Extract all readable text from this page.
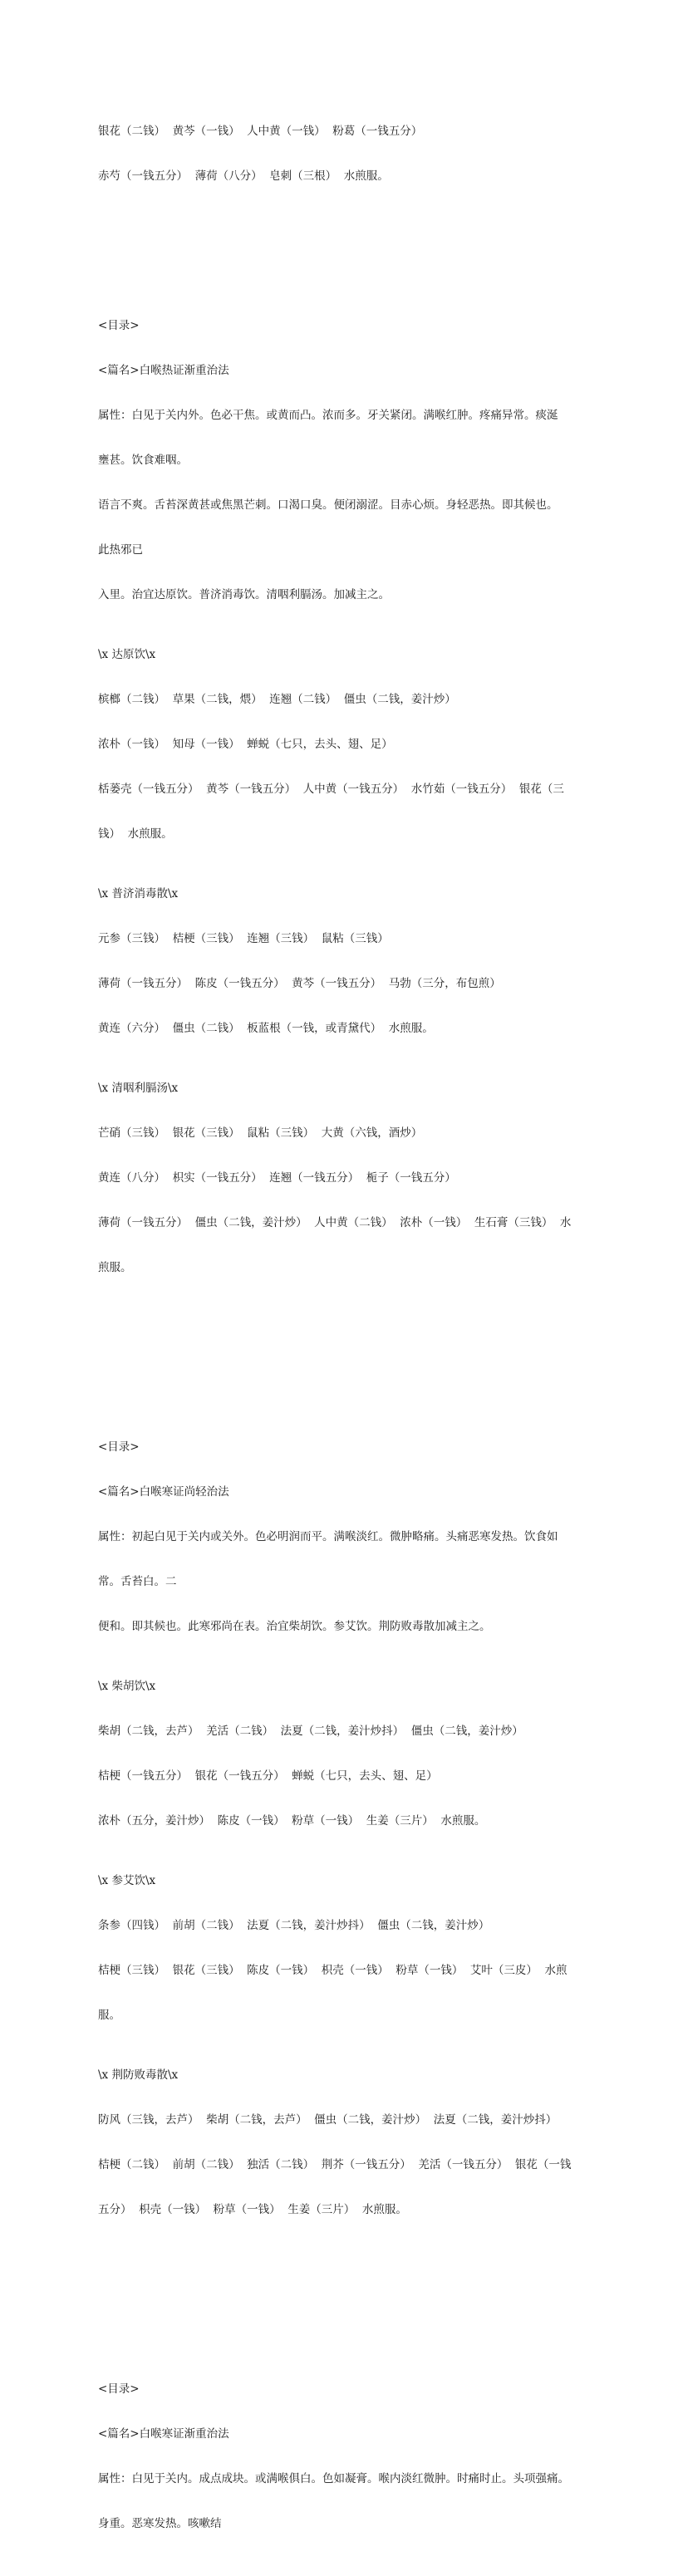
银花（二钱）  黄芩（一钱）  人中黄（一钱）  粉葛（一钱五分）

赤芍（一钱五分）  薄荷（八分）  皂刺（三根）  水煎服。

<目录>

<篇名>白喉热证渐重治法

属性：白见于关内外。色必干焦。或黄而凸。浓而多。牙关紧闭。满喉红肿。疼痛异常。痰涎

壅甚。饮食难咽。

语言不爽。舌苔深黄甚或焦黑芒刺。口渴口臭。便闭溺涩。目赤心烦。身轻恶热。即其候也。

此热邪已

入里。治宜达原饮。普济消毒饮。清咽利膈汤。加减主之。

\x 达原饮\x

槟榔（二钱）  草果（二钱，煨）  连翘（二钱）  僵虫（二钱，姜汁炒）

浓朴（一钱）  知母（一钱）  蝉蜕（七只，去头、翅、足）

栝蒌壳（一钱五分）  黄芩（一钱五分）  人中黄（一钱五分）  水竹茹（一钱五分）  银花（三

钱）  水煎服。

\x 普济消毒散\x

元参（三钱）  桔梗（三钱）  连翘（三钱）  鼠粘（三钱）

薄荷（一钱五分）  陈皮（一钱五分）  黄芩（一钱五分）  马勃（三分，布包煎）

黄连（六分）  僵虫（二钱）  板蓝根（一钱，或青黛代）  水煎服。

\x 清咽利膈汤\x

芒硝（三钱）  银花（三钱）  鼠粘（三钱）  大黄（六钱，酒炒）

黄连（八分）  枳实（一钱五分）  连翘（一钱五分）  栀子（一钱五分）

薄荷（一钱五分）  僵虫（二钱，姜汁炒）  人中黄（二钱）  浓朴（一钱）  生石膏（三钱）  水

煎服。

<目录>

<篇名>白喉寒证尚轻治法

属性：初起白见于关内或关外。色必明润而平。满喉淡红。微肿略痛。头痛恶寒发热。饮食如

常。舌苔白。二

便和。即其候也。此寒邪尚在表。治宜柴胡饮。参艾饮。荆防败毒散加减主之。

\x 柴胡饮\x

柴胡（二钱，去芦）  羌活（二钱）  法夏（二钱，姜汁炒抖）  僵虫（二钱，姜汁炒）

桔梗（一钱五分）  银花（一钱五分）  蝉蜕（七只，去头、翅、足）

浓朴（五分，姜汁炒）  陈皮（一钱）  粉草（一钱）  生姜（三片）  水煎服。

\x 参艾饮\x

条参（四钱）  前胡（二钱）  法夏（二钱，姜汁炒抖）  僵虫（二钱，姜汁炒）

桔梗（三钱）  银花（三钱）  陈皮（一钱）  枳壳（一钱）  粉草（一钱）  艾叶（三皮）  水煎

服。

\x 荆防败毒散\x

防风（三钱，去芦）  柴胡（二钱，去芦）  僵虫（二钱，姜汁炒）  法夏（二钱，姜汁炒抖）

桔梗（二钱）  前胡（二钱）  独活（二钱）  荆芥（一钱五分）  羌活（一钱五分）  银花（一钱

五分）  枳壳（一钱）  粉草（一钱）  生姜（三片）  水煎服。

<目录>

<篇名>白喉寒证渐重治法

属性：白见于关内。成点成块。或满喉俱白。色如凝膏。喉内淡红微肿。时痛时止。头项强痛。

身重。恶寒发热。咳嗽结
